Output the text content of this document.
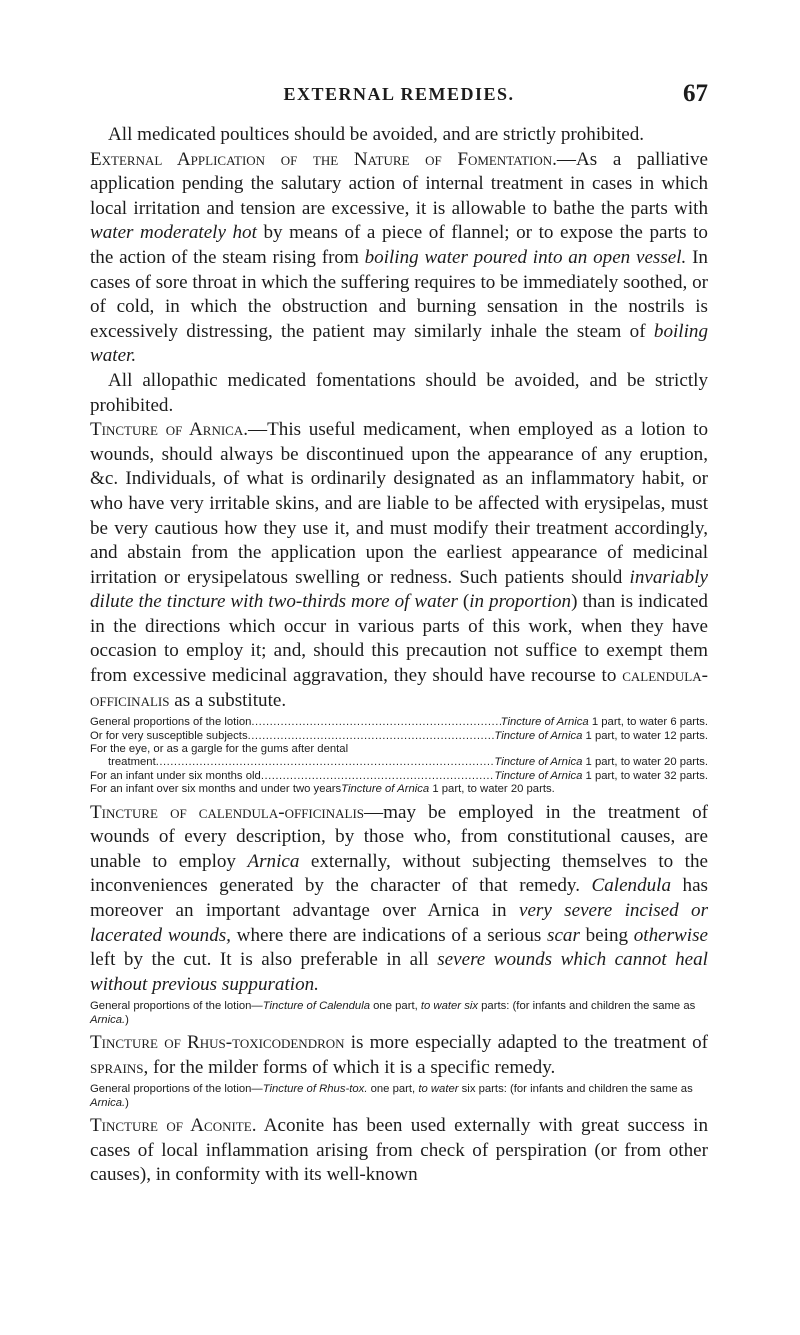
EXTERNAL REMEDIES.	67

All medicated poultices should be avoided, and are strictly prohibited.

External Application of the Nature of Fomentation.—As a palliative application pending the salutary action of internal treatment in cases in which local irritation and tension are excessive, it is allowable to bathe the parts with water moderately hot by means of a piece of flannel; or to expose the parts to the action of the steam rising from boiling water poured into an open vessel. In cases of sore throat in which the suffering requires to be immediately soothed, or of cold, in which the obstruction and burning sensation in the nostrils is excessively distressing, the patient may similarly inhale the steam of boiling water.

All allopathic medicated fomentations should be avoided, and be strictly prohibited.

Tincture of Arnica.—This useful medicament, when employed as a lotion to wounds, should always be discontinued upon the appearance of any eruption, &c. Individuals, of what is ordinarily designated as an inflammatory habit, or who have very irritable skins, and are liable to be affected with erysipelas, must be very cautious how they use it, and must modify their treatment accordingly, and abstain from the application upon the earliest appearance of medicinal irritation or erysipelatous swelling or redness. Such patients should invariably dilute the tincture with two-thirds more of water (in proportion) than is indicated in the directions which occur in various parts of this work, when they have occasion to employ it; and, should this precaution not suffice to exempt them from excessive medicinal aggravation, they should have recourse to calendula-officinalis as a substitute.

General proportions of the lotion .....	Tincture of Arnica 1 part, to water 6 parts.
Or for very susceptible subjects .....	Tincture of Arnica 1 part, to water 12 parts.
For the eye, or as a gargle for the gums after dental
treatment .....	Tincture of Arnica 1 part, to water 20 parts.
For an infant under six months old .....	Tincture of Arnica 1 part, to water 32 parts.
For an infant over six months and under two years Tincture of Arnica 1 part, to water 20 parts.

Tincture of calendula-officinalis—may be employed in the treatment of wounds of every description, by those who, from constitutional causes, are unable to employ Arnica externally, without subjecting themselves to the inconveniences generated by the character of that remedy. Calendula has moreover an important advantage over Arnica in very severe incised or lacerated wounds, where there are indications of a serious scar being otherwise left by the cut. It is also preferable in all severe wounds which cannot heal without previous suppuration.

General proportions of the lotion—Tincture of Calendula one part, to water six parts: (for infants and children the same as Arnica.)

Tincture of Rhus-toxicodendron is more especially adapted to the treatment of sprains, for the milder forms of which it is a specific remedy.

General proportions of the lotion—Tincture of Rhus-tox. one part, to water six parts: (for infants and children the same as Arnica.)

Tincture of Aconite. Aconite has been used externally with great success in cases of local inflammation arising from check of perspiration (or from other causes), in conformity with its well-known
